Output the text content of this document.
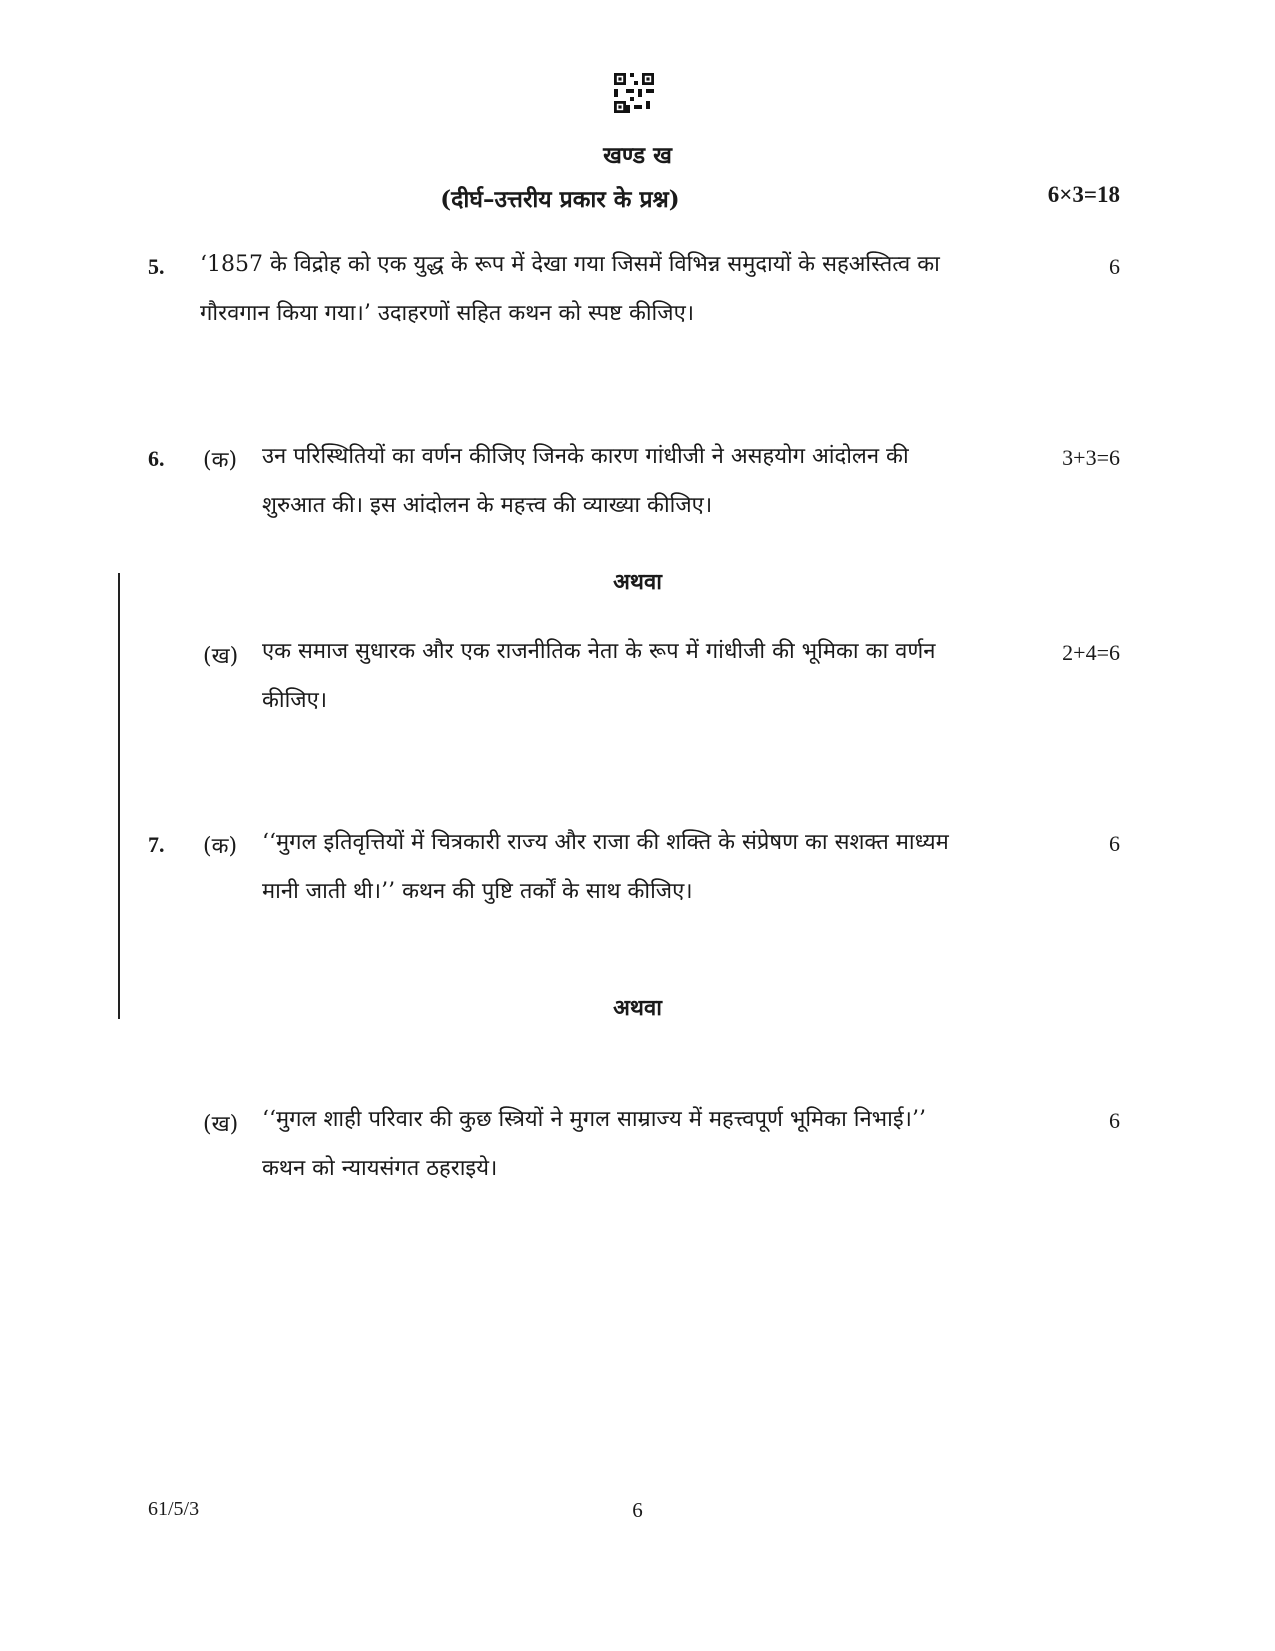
खण्ड ख
(दीर्घ–उत्तरीय प्रकार के प्रश्न)	6×3=18
5. ‘1857 के विद्रोह को एक युद्ध के रूप में देखा गया जिसमें विभिन्न समुदायों के सहअस्तित्व का

गौरवगान किया गया।’ उदाहरणों सहित कथन को स्पष्ट कीजिए।

6
6. (क) उन परिस्थितियों का वर्णन कीजिए जिनके कारण गांधीजी ने असहयोग आंदोलन की

शुरुआत की। इस आंदोलन के महत्त्व की व्याख्या कीजिए।

3+3=6
अथवा
(ख) एक समाज सुधारक और एक राजनीतिक नेता के रूप में गांधीजी की भूमिका का वर्णन

कीजिए।

2+4=6
7. (क) ‘‘मुगल इतिवृत्तियों में चित्रकारी राज्य और राजा की शक्ति के संप्रेषण का सशक्त माध्यम

मानी जाती थी।’’ कथन की पुष्टि तर्कों के साथ कीजिए।

6
अथवा
(ख) ‘‘मुगल शाही परिवार की कुछ स्त्रियों ने मुगल साम्राज्य में महत्त्वपूर्ण भूमिका निभाई।’’

कथन को न्यायसंगत ठहराइये।

6
61/5/3	6
